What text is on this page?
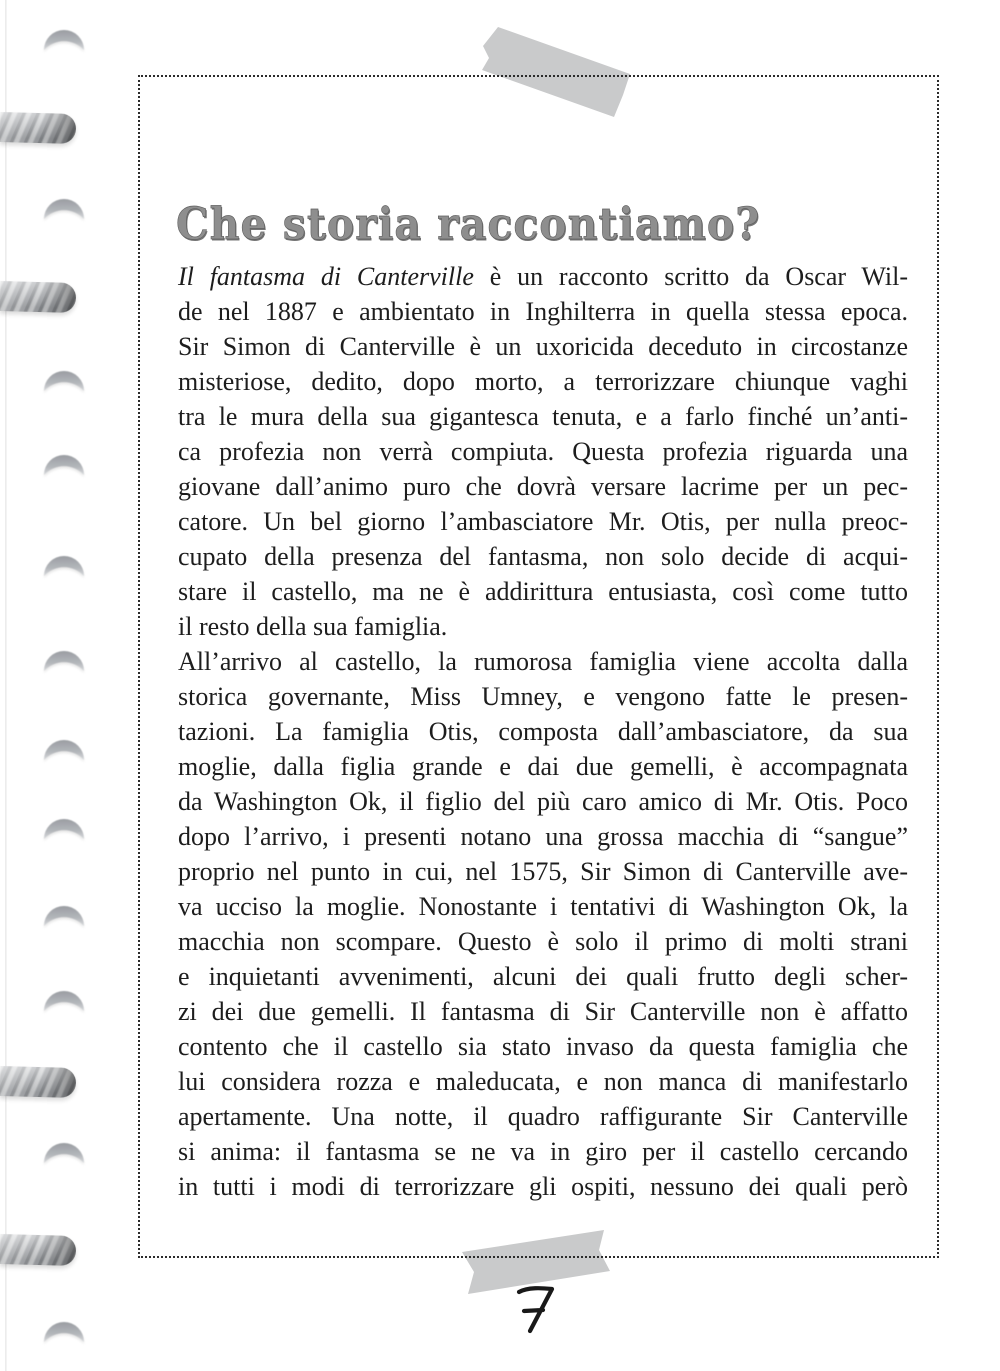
Che storia raccontiamo?
Il fantasma di Canterville è un racconto scritto da Oscar Wil-
de nel 1887 e ambientato in Inghilterra in quella stessa epoca.
Sir Simon di Canterville è un uxoricida deceduto in circostanze
misteriose, dedito, dopo morto, a terrorizzare chiunque vaghi
tra le mura della sua gigantesca tenuta, e a farlo finché un’anti-
ca profezia non verrà compiuta. Questa profezia riguarda una
giovane dall’animo puro che dovrà versare lacrime per un pec-
catore. Un bel giorno l’ambasciatore Mr. Otis, per nulla preoc-
cupato della presenza del fantasma, non solo decide di acqui-
stare il castello, ma ne è addirittura entusiasta, così come tutto
il resto della sua famiglia.
All’arrivo al castello, la rumorosa famiglia viene accolta dalla
storica governante, Miss Umney, e vengono fatte le presen-
tazioni. La famiglia Otis, composta dall’ambasciatore, da sua
moglie, dalla figlia grande e dai due gemelli, è accompagnata
da Washington Ok, il figlio del più caro amico di Mr. Otis. Poco
dopo l’arrivo, i presenti notano una grossa macchia di “sangue”
proprio nel punto in cui, nel 1575, Sir Simon di Canterville ave-
va ucciso la moglie. Nonostante i tentativi di Washington Ok, la
macchia non scompare. Questo è solo il primo di molti strani
e inquietanti avvenimenti, alcuni dei quali frutto degli scher-
zi dei due gemelli. Il fantasma di Sir Canterville non è affatto
contento che il castello sia stato invaso da questa famiglia che
lui considera rozza e maleducata, e non manca di manifestarlo
apertamente. Una notte, il quadro raffigurante Sir Canterville
si anima: il fantasma se ne va in giro per il castello cercando
in tutti i modi di terrorizzare gli ospiti, nessuno dei quali però
